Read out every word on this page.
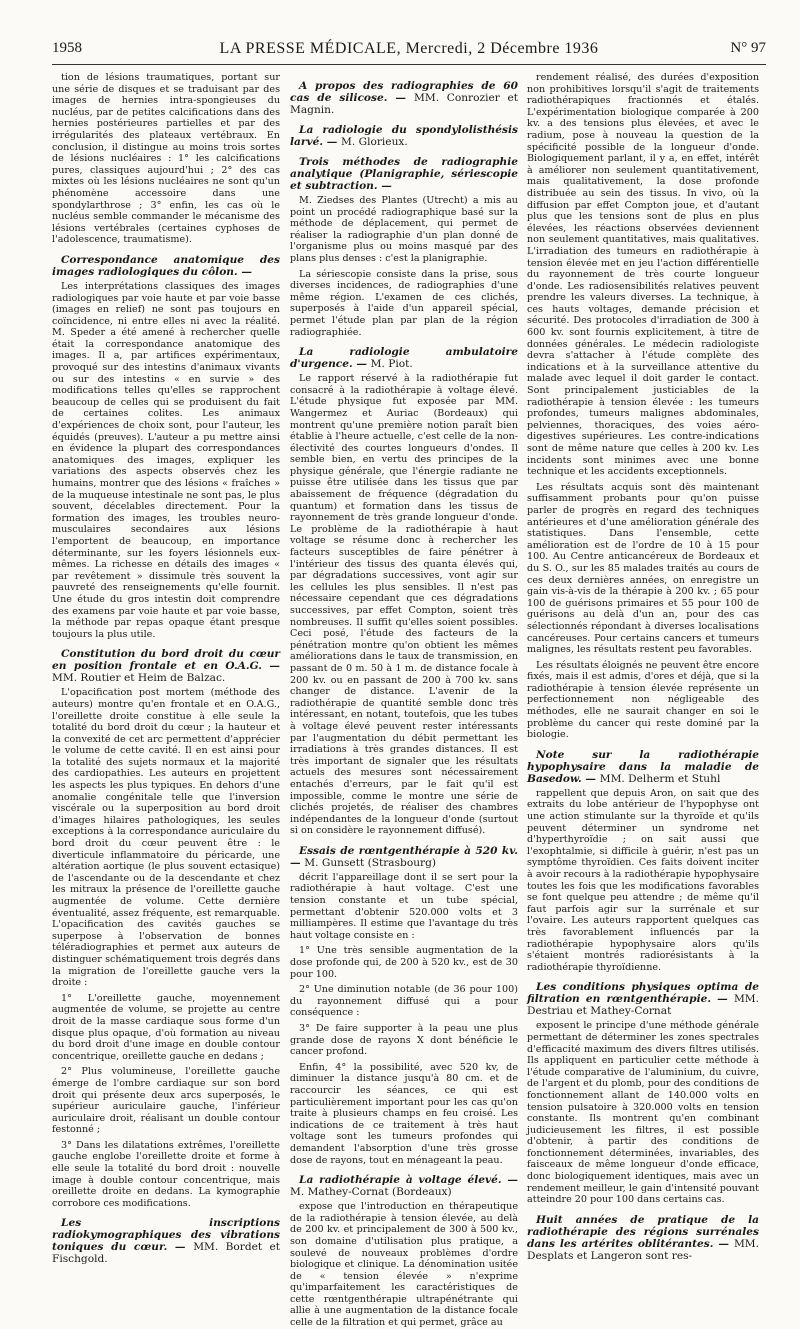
1958	LA PRESSE MÉDICALE, Mercredi, 2 Décembre 1936	N° 97

tion de lésions traumatiques, portant sur une série de disques et se traduisant par des images de hernies intra-spongieuses du nucléus, par de petites calcifications dans des hernies postérieures partielles et par des irrégularités des plateaux vertébraux. En conclusion, il distingue au moins trois sortes de lésions nucléaires : 1° les calcifications pures, classiques aujourd'hui ; 2° des cas mixtes où les lésions nucléaires ne sont qu'un phénomène accessoire dans une spondylarthrose ; 3° enfin, les cas où le nucléus semble commander le mécanisme des lésions vertébrales (certaines cyphoses de l'adolescence, traumatisme).

Correspondance anatomique des images radiologiques du côlon. —

Les interprétations classiques des images radiologiques par voie haute et par voie basse (images en relief) ne sont pas toujours en coïncidence, ni entre elles ni avec la réalité. M. Speder a été amené à rechercher quelle était la correspondance anatomique des images. Il a, par artifices expérimentaux, provoqué sur des intestins d'animaux vivants ou sur des intestins « en survie » des modifications telles qu'elles se rapprochent beaucoup de celles qui se produisent du fait de certaines colites. Les animaux d'expériences de choix sont, pour l'auteur, les équidés (preuves). L'auteur a pu mettre ainsi en évidence la plupart des correspondances anatomiques des images, expliquer les variations des aspects observés chez les humains, montrer que des lésions « fraîches » de la muqueuse intestinale ne sont pas, le plus souvent, décelables directement. Pour la formation des images, les troubles neuro-musculaires secondaires aux lésions l'emportent de beaucoup, en importance déterminante, sur les foyers lésionnels eux-mêmes. La richesse en détails des images « par revêtement » dissimule très souvent la pauvreté des renseignements qu'elle fournit. Une étude du gros intestin doit comprendre des examens par voie haute et par voie basse, la méthode par repas opaque étant presque toujours la plus utile.

Constitution du bord droit du cœur en position frontale et en O.A.G. — MM. Routier et Heim de Balzac.

L'opacification post mortem (méthode des auteurs) montre qu'en frontale et en O.A.G., l'oreillette droite constitue à elle seule la totalité du bord droit du cœur ; la hauteur et la convexité de cet arc permettent d'apprécier le volume de cette cavité. Il en est ainsi pour la totalité des sujets normaux et la majorité des cardiopathies. Les auteurs en projettent les aspects les plus typiques. En dehors d'une anomalie congénitale telle que l'inversion viscérale ou la superposition au bord droit d'images hilaires pathologiques, les seules exceptions à la correspondance auriculaire du bord droit du cœur peuvent être : le diverticule inflammatoire du péricarde, une altération aortique (le plus souvent ectasique) de l'ascendante ou de la descendante et chez les mitraux la présence de l'oreillette gauche augmentée de volume. Cette dernière éventualité, assez fréquente, est remarquable. L'opacification des cavités gauches se superpose à l'observation de bonnes téléradiographies et permet aux auteurs de distinguer schématiquement trois degrés dans la migration de l'oreillette gauche vers la droite :

1° L'oreillette gauche, moyennement augmentée de volume, se projette au centre droit de la masse cardiaque sous forme d'un disque plus opaque, d'où formation au niveau du bord droit d'une image en double contour concentrique, oreillette gauche en dedans ;

2° Plus volumineuse, l'oreillette gauche émerge de l'ombre cardiaque sur son bord droit qui présente deux arcs superposés, le supérieur auriculaire gauche, l'inférieur auriculaire droit, réalisant un double contour festonné ;

3° Dans les dilatations extrêmes, l'oreillette gauche englobe l'oreillette droite et forme à elle seule la totalité du bord droit : nouvelle image à double contour concentrique, mais oreillette droite en dedans. La kymographie corrobore ces modifications.

Les inscriptions radiokymographiques des vibrations toniques du cœur. — MM. Bordet et Fischgold.
A propos des radiographies de 60 cas de silicose. — MM. Conrozier et Magnin.
La radiologie du spondylolisthésis larvé. — M. Glorieux.
Trois méthodes de radiographie analytique (Planigraphie, sériescopie et subtraction. —

M. Ziedses des Plantes (Utrecht) a mis au point un procédé radiographique basé sur la méthode de déplacement, qui permet de réaliser la radiographie d'un plan donné de l'organisme plus ou moins masqué par des plans plus denses : c'est la planigraphie.

La sériescopie consiste dans la prise, sous diverses incidences, de radiographies d'une même région. L'examen de ces clichés, superposés à l'aide d'un appareil spécial, permet l'étude plan par plan de la région radiographiée.

La radiologie ambulatoire d'urgence. — M. Piot.

Le rapport réservé à la radiothérapie fut consacré à la radiothérapie à voltage élevé. L'étude physique fut exposée par MM. Wangermez et Auriac (Bordeaux) qui montrent qu'une première notion paraît bien établie à l'heure actuelle, c'est celle de la non-électivité des courtes longueurs d'ondes. Il semble bien, en vertu des principes de la physique générale, que l'énergie radiante ne puisse être utilisée dans les tissus que par abaissement de fréquence (dégradation du quantum) et formation dans les tissus de rayonnement de très grande longueur d'onde. Le problème de la radiothérapie à haut voltage se résume donc à rechercher les facteurs susceptibles de faire pénétrer à l'intérieur des tissus des quanta élevés qui, par dégradations successives, vont agir sur les cellules les plus sensibles. Il n'est pas nécessaire cependant que ces dégradations successives, par effet Compton, soient très nombreuses. Il suffit qu'elles soient possibles. Ceci posé, l'étude des facteurs de la pénétration montre qu'on obtient les mêmes améliorations dans le taux de transmission, en passant de 0 m. 50 à 1 m. de distance focale à 200 kv. ou en passant de 200 à 700 kv. sans changer de distance. L'avenir de la radiothérapie de quantité semble donc très intéressant, en notant, toutefois, que les tubes à voltage élevé peuvent rester intéressants par l'augmentation du débit permettant les irradiations à très grandes distances. Il est très important de signaler que les résultats actuels des mesures sont nécessairement entachés d'erreurs, par le fait qu'il est impossible, comme le montre une série de clichés projetés, de réaliser des chambres indépendantes de la longueur d'onde (surtout si on considère le rayonnement diffusé).

Essais de rœntgenthérapie à 520 kv. — M. Gunsett (Strasbourg)

décrit l'appareillage dont il se sert pour la radiothérapie à haut voltage. C'est une tension constante et un tube spécial, permettant d'obtenir 520.000 volts et 3 milliampères. Il estime que l'avantage du très haut voltage consiste en :

1° Une très sensible augmentation de la dose profonde qui, de 200 à 520 kv., est de 30 pour 100.

2° Une diminution notable (de 36 pour 100) du rayonnement diffusé qui a pour conséquence :

3° De faire supporter à la peau une plus grande dose de rayons X dont bénéficie le cancer profond.

Enfin, 4° la possibilité, avec 520 kv, de diminuer la distance jusqu'à 80 cm. et de raccourcir les séances, ce qui est particulièrement important pour les cas qu'on traite à plusieurs champs en feu croisé. Les indications de ce traitement à très haut voltage sont les tumeurs profondes qui demandent l'absorption d'une très grosse dose de rayons, tout en ménageant la peau.

La radiothérapie à voltage élevé. — M. Mathey-Cornat (Bordeaux)

expose que l'introduction en thérapeutique de la radiothérapie à tension élevée, au delà de 200 kv. et principalement de 300 à 500 kv., son domaine d'utilisation plus pratique, a soulevé de nouveaux problèmes d'ordre biologique et clinique. La dénomination usitée de « tension élevée » n'exprime qu'imparfaitement les caractéristiques de cette rœntgenthérapie ultrapénétrante qui allie à une augmentation de la distance focale celle de la filtration et qui permet, grâce au

rendement réalisé, des durées d'exposition non prohibitives lorsqu'il s'agit de traitements radiothérapiques fractionnés et étalés. L'expérimentation biologique comparée à 200 kv. a des tensions plus élevées, et avec le radium, pose à nouveau la question de la spécificité possible de la longueur d'onde. Biologiquement parlant, il y a, en effet, intérêt à améliorer non seulement quantitativement, mais qualitativement, la dose profonde distribuée au sein des tissus. In vivo, où la diffusion par effet Compton joue, et d'autant plus que les tensions sont de plus en plus élevées, les réactions observées deviennent non seulement quantitatives, mais qualitatives. L'irradiation des tumeurs en radiothérapie à tension élevée met en jeu l'action différentielle du rayonnement de très courte longueur d'onde. Les radiosensibilités relatives peuvent prendre les valeurs diverses. La technique, à ces hauts voltages, demande précision et sécurité. Des protocoles d'irradiation de 300 à 600 kv. sont fournis explicitement, à titre de données générales. Le médecin radiologiste devra s'attacher à l'étude complète des indications et à la surveillance attentive du malade avec lequel il doit garder le contact. Sont principalement justiciables de la radiothérapie à tension élevée : les tumeurs profondes, tumeurs malignes abdominales, pelviennes, thoraciques, des voies aéro-digestives supérieures. Les contre-indications sont de même nature que celles à 200 kv. Les incidents sont minimes avec une bonne technique et les accidents exceptionnels.

Les résultats acquis sont dès maintenant suffisamment probants pour qu'on puisse parler de progrès en regard des techniques antérieures et d'une amélioration générale des statistiques. Dans l'ensemble, cette amélioration est de l'ordre de 10 à 15 pour 100. Au Centre anticancéreux de Bordeaux et du S. O., sur les 85 malades traités au cours de ces deux dernières années, on enregistre un gain vis-à-vis de la thérapie à 200 kv. ; 65 pour 100 de guérisons primaires et 55 pour 100 de guérisons au delà d'un an, pour des cas sélectionnés répondant à diverses localisations cancéreuses. Pour certains cancers et tumeurs malignes, les résultats restent peu favorables.

Les résultats éloignés ne peuvent être encore fixés, mais il est admis, d'ores et déjà, que si la radiothérapie à tension élevée représente un perfectionnement non négligeable des méthodes, elle ne saurait changer en soi le problème du cancer qui reste dominé par la biologie.

Note sur la radiothérapie hypophysaire dans la maladie de Basedow. — MM. Delherm et Stuhl

rappellent que depuis Aron, on sait que des extraits du lobe antérieur de l'hypophyse ont une action stimulante sur la thyroïde et qu'ils peuvent déterminer un syndrome net d'hyperthyroïdie ; on sait aussi que l'exophtalmie, si difficile à guérir, n'est pas un symptôme thyroïdien. Ces faits doivent inciter à avoir recours à la radiothérapie hypophysaire toutes les fois que les modifications favorables se font quelque peu attendre ; de même qu'il faut parfois agir sur la surrénale et sur l'ovaire. Les auteurs rapportent quelques cas très favorablement influencés par la radiothérapie hypophysaire alors qu'ils s'étaient montrés radiorésistants à la radiothérapie thyroïdienne.

Les conditions physiques optima de filtration en rœntgenthérapie. — MM. Destriau et Mathey-Cornat

exposent le principe d'une méthode générale permettant de déterminer les zones spectrales d'efficacité maximum des divers filtres utilisés. Ils appliquent en particulier cette méthode à l'étude comparative de l'aluminium, du cuivre, de l'argent et du plomb, pour des conditions de fonctionnement allant de 140.000 volts en tension pulsatoire à 320.000 volts en tension constante. Ils montrent qu'en combinant judicieusement les filtres, il est possible d'obtenir, à partir des conditions de fonctionnement déterminées, invariables, des faisceaux de même longueur d'onde efficace, donc biologiquement identiques, mais avec un rendement meilleur, le gain d'intensité pouvant atteindre 20 pour 100 dans certains cas.

Huit années de pratique de la radiothérapie des régions surrénales dans les artérites oblitérantes. — MM. Desplats et Langeron sont res-
